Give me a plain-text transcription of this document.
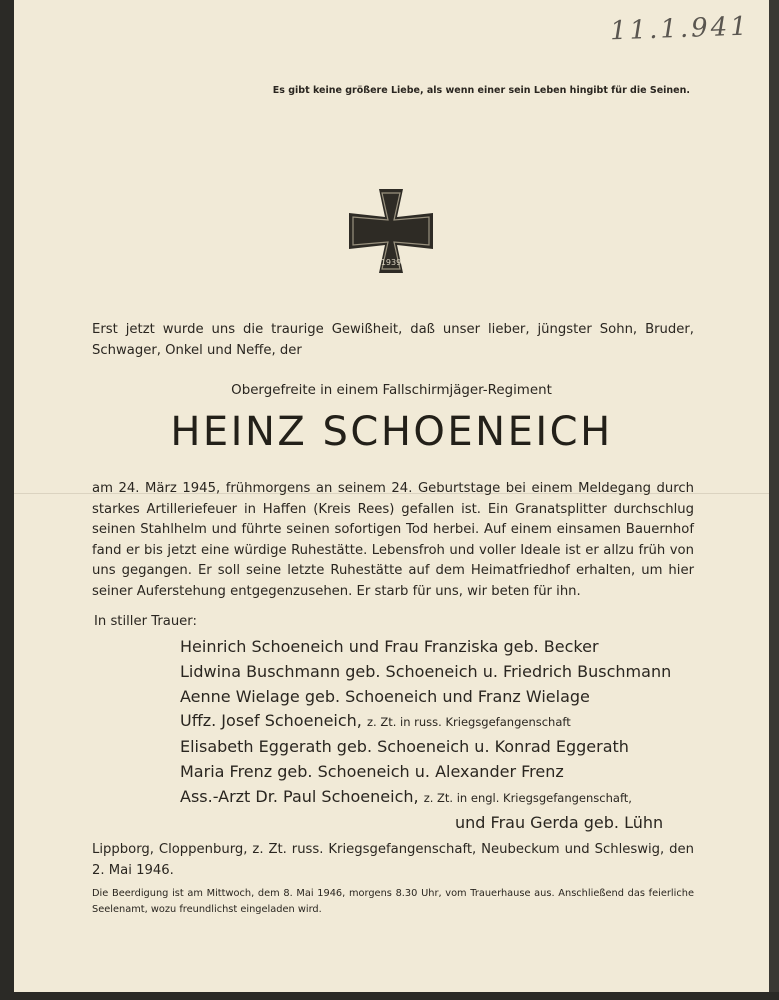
11.1.941
Es gibt keine größere Liebe, als wenn einer sein Leben hingibt für die Seinen.
1939
Erst jetzt wurde uns die traurige Gewißheit, daß unser lieber, jüngster Sohn, Bruder, Schwager, Onkel und Neffe, der
Obergefreite in einem Fallschirmjäger-Regiment
HEINZ SCHOENEICH
am 24. März 1945, frühmorgens an seinem 24. Geburtstage bei einem Meldegang durch starkes Artilleriefeuer in Haffen (Kreis Rees) gefallen ist. Ein Granatsplitter durchschlug seinen Stahlhelm und führte seinen sofortigen Tod herbei. Auf einem einsamen Bauernhof fand er bis jetzt eine würdige Ruhestätte. Lebensfroh und voller Ideale ist er allzu früh von uns gegangen. Er soll seine letzte Ruhestätte auf dem Heimatfriedhof erhalten, um hier seiner Auferstehung entgegenzusehen. Er starb für uns, wir beten für ihn.
In stiller Trauer:
Heinrich Schoeneich und Frau Franziska geb. Becker
Lidwina Buschmann geb. Schoeneich u. Friedrich Buschmann
Aenne Wielage geb. Schoeneich und Franz Wielage
Uffz. Josef Schoeneich, z. Zt. in russ. Kriegsgefangenschaft
Elisabeth Eggerath geb. Schoeneich u. Konrad Eggerath
Maria Frenz geb. Schoeneich u. Alexander Frenz
Ass.-Arzt Dr. Paul Schoeneich, z. Zt. in engl. Kriegsgefangenschaft,
und Frau Gerda geb. Lühn
Lippborg, Cloppenburg, z. Zt. russ. Kriegsgefangenschaft, Neubeckum und Schleswig, den 2. Mai 1946.
Die Beerdigung ist am Mittwoch, dem 8. Mai 1946, morgens 8.30 Uhr, vom Trauerhause aus. Anschließend das feierliche Seelenamt, wozu freundlichst eingeladen wird.
